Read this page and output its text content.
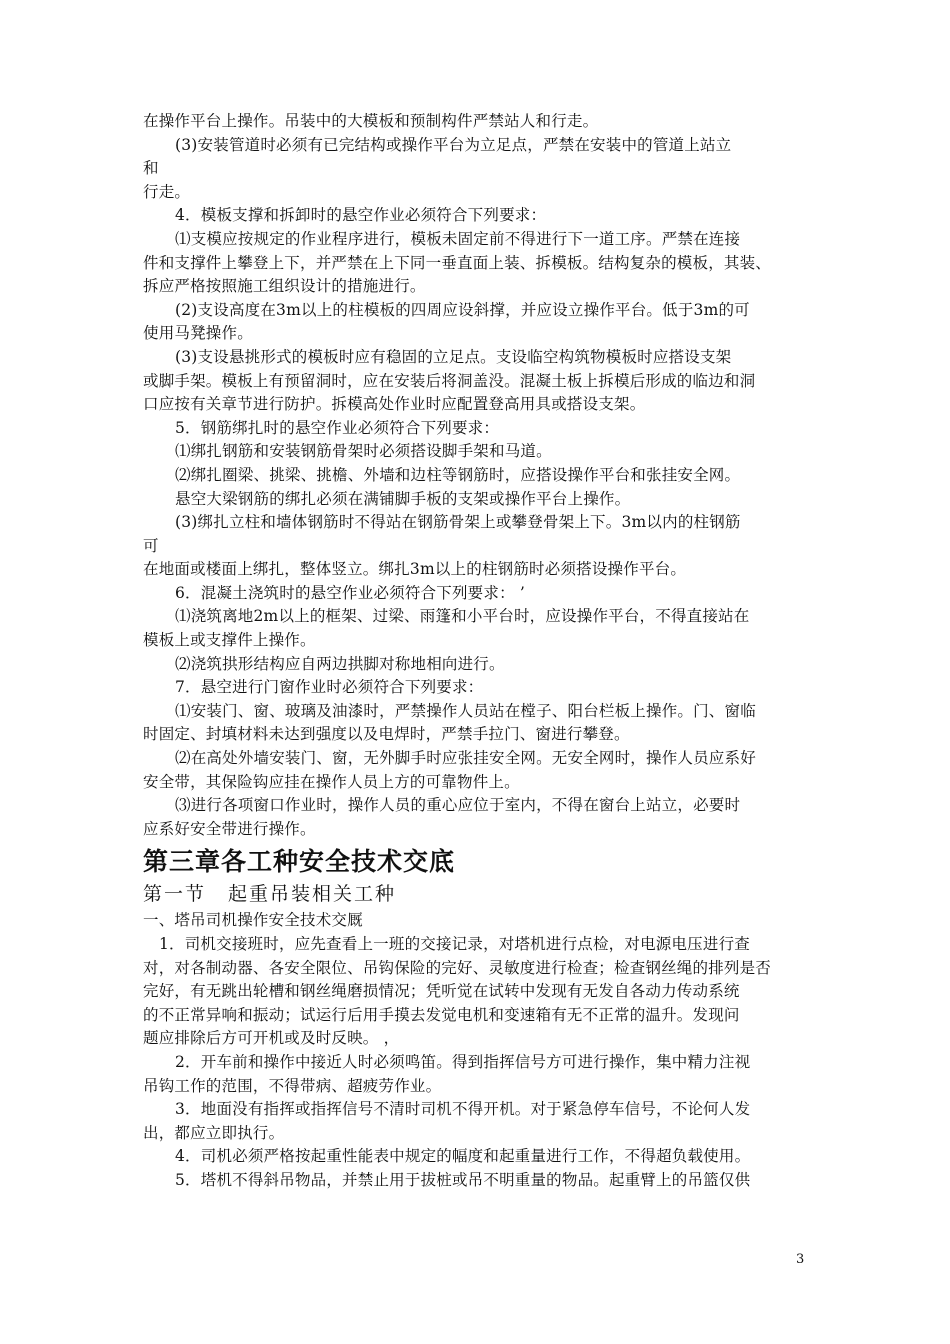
在操作平台上操作。吊装中的大模板和预制构件严禁站人和行走。
(3)安装管道时必须有已完结构或操作平台为立足点，严禁在安装中的管道上站立
和
行走。
4．模板支撑和拆卸时的悬空作业必须符合下列要求：
⑴支模应按规定的作业程序进行，模板未固定前不得进行下一道工序。严禁在连接
件和支撑件上攀登上下，并严禁在上下同一垂直面上装、拆模板。结构复杂的模板，其装、
拆应严格按照施工组织设计的措施进行。
(2)支设高度在3m以上的柱模板的四周应设斜撑，并应设立操作平台。低于3m的可
使用马凳操作。
(3)支设悬挑形式的模板时应有稳固的立足点。支设临空构筑物模板时应搭设支架
或脚手架。模板上有预留洞时，应在安装后将洞盖没。混凝土板上拆模后形成的临边和洞
口应按有关章节进行防护。拆模高处作业时应配置登高用具或搭设支架。
5．钢筋绑扎时的悬空作业必须符合下列要求：
⑴绑扎钢筋和安装钢筋骨架时必须搭设脚手架和马道。
⑵绑扎圈梁、挑梁、挑檐、外墙和边柱等钢筋时，应搭设操作平台和张挂安全网。
悬空大梁钢筋的绑扎必须在满铺脚手板的支架或操作平台上操作。
(3)绑扎立柱和墙体钢筋时不得站在钢筋骨架上或攀登骨架上下。3m以内的柱钢筋
可
在地面或楼面上绑扎，整体竖立。绑扎3m以上的柱钢筋时必须搭设操作平台。
6．混凝土浇筑时的悬空作业必须符合下列要求： ’
⑴浇筑离地2m以上的框架、过梁、雨篷和小平台时，应设操作平台，不得直接站在
模板上或支撑件上操作。
⑵浇筑拱形结构应自两边拱脚对称地相向进行。
7．悬空进行门窗作业时必须符合下列要求：
⑴安装门、窗、玻璃及油漆时，严禁操作人员站在樘子、阳台栏板上操作。门、窗临
时固定、封填材料未达到强度以及电焊时，严禁手拉门、窗进行攀登。
⑵在高处外墙安装门、窗，无外脚手时应张挂安全网。无安全网时，操作人员应系好
安全带，其保险钩应挂在操作人员上方的可靠物件上。
⑶进行各项窗口作业时，操作人员的重心应位于室内，不得在窗台上站立，必要时
应系好安全带进行操作。
第三章各工种安全技术交底
第一节 起重吊装相关工种
一、塔吊司机操作安全技术交厩
1．司机交接班时，应先查看上一班的交接记录，对塔机进行点检，对电源电压进行查
对，对各制动器、各安全限位、吊钩保险的完好、灵敏度进行检查；检查钢丝绳的排列是否
完好，有无跳出轮槽和钢丝绳磨损情况；凭听觉在试转中发现有无发自各动力传动系统
的不正常异响和振动；试运行后用手摸去发觉电机和变速箱有无不正常的温升。发现问
题应排除后方可开机或及时反映。 ，
2．开车前和操作中接近人时必须鸣笛。得到指挥信号方可进行操作，集中精力注视
吊钩工作的范围，不得带病、超疲劳作业。
3．地面没有指挥或指挥信号不清时司机不得开机。对于紧急停车信号，不论何人发
出，都应立即执行。
4．司机必须严格按起重性能表中规定的幅度和起重量进行工作，不得超负载使用。
5．塔机不得斜吊物品，并禁止用于拔桩或吊不明重量的物品。起重臂上的吊篮仅供
3
